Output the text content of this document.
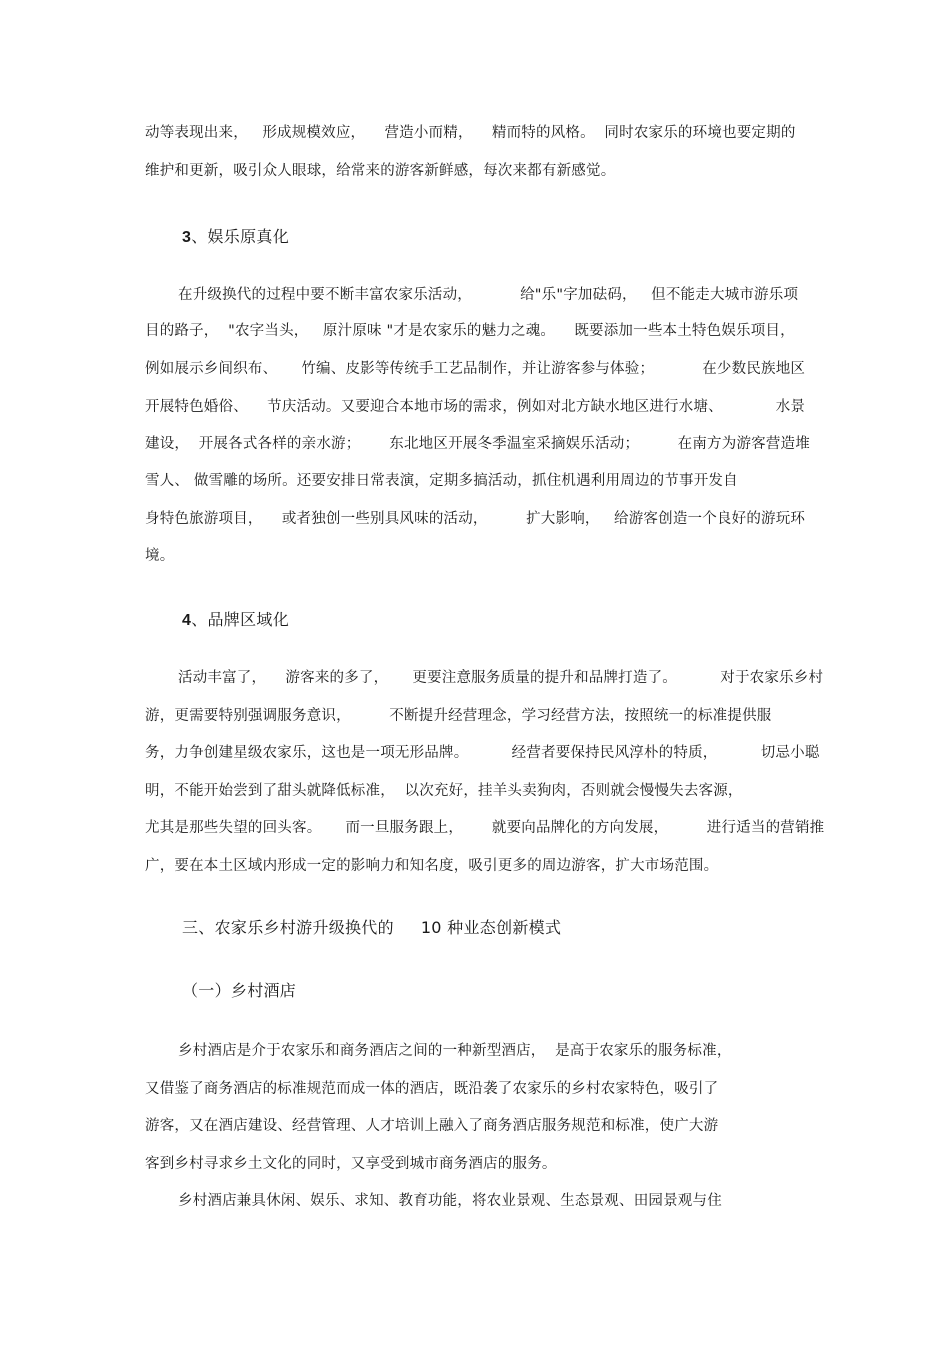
动等表现出来，   形成规模效应，    营造小而精，    精而特的风格。  同时农家乐的环境也要定期的
维护和更新，吸引众人眼球，给常来的游客新鲜感，每次来都有新感觉。
3、娱乐原真化
在升级换代的过程中要不断丰富农家乐活动，          给"乐"字加砝码，   但不能走大城市游乐项
目的路子，  "农字当头，   原汁原味 "才是农家乐的魅力之魂。    既要添加一些本土特色娱乐项目，
例如展示乡间织布、     竹编、皮影等传统手工艺品制作，并让游客参与体验；          在少数民族地区
开展特色婚俗、    节庆活动。又要迎合本地市场的需求，例如对北方缺水地区进行水塘、           水景
建设，  开展各式各样的亲水游；      东北地区开展冬季温室采摘娱乐活动；        在南方为游客营造堆
雪人、 做雪雕的场所。还要安排日常表演，定期多搞活动，抓住机遇利用周边的节事开发自
身特色旅游项目，    或者独创一些别具风味的活动，        扩大影响，   给游客创造一个良好的游玩环
境。
4、品牌区域化
活动丰富了，    游客来的多了，     更要注意服务质量的提升和品牌打造了。         对于农家乐乡村
游，更需要特别强调服务意识，        不断提升经营理念，学习经营方法，按照统一的标准提供服
务，力争创建星级农家乐，这也是一项无形品牌。         经营者要保持民风淳朴的特质，         切忌小聪
明，不能开始尝到了甜头就降低标准，  以次充好，挂羊头卖狗肉，否则就会慢慢失去客源，
尤其是那些失望的回头客。     而一旦服务跟上，      就要向品牌化的方向发展，        进行适当的营销推
广，要在本土区域内形成一定的影响力和知名度，吸引更多的周边游客，扩大市场范围。
三、农家乐乡村游升级换代的     10 种业态创新模式
（一）乡村酒店
乡村酒店是介于农家乐和商务酒店之间的一种新型酒店，  是高于农家乐的服务标准，
又借鉴了商务酒店的标准规范而成一体的酒店，既沿袭了农家乐的乡村农家特色，吸引了
游客，又在酒店建设、经营管理、人才培训上融入了商务酒店服务规范和标准，使广大游
客到乡村寻求乡土文化的同时，又享受到城市商务酒店的服务。
乡村酒店兼具休闲、娱乐、求知、教育功能，将农业景观、生态景观、田园景观与住
